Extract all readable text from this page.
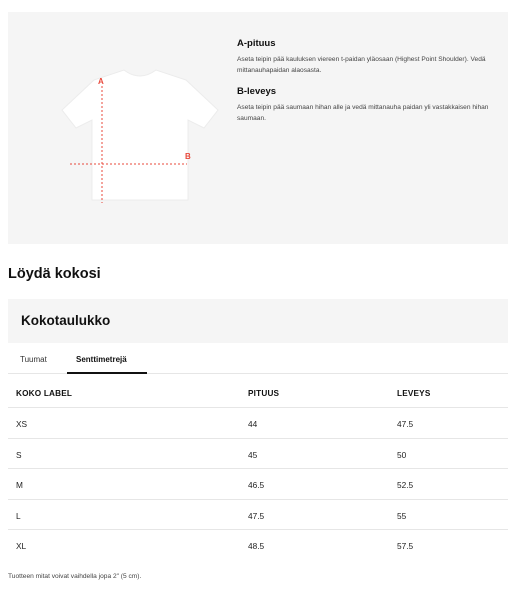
A
B
A-pituus
Aseta teipin pää kauluksen viereen t-paidan yläosaan (Highest Point Shoulder). Vedä mittanauhapaidan alaosasta.
B-leveys
Aseta teipin pää saumaan hihan alle ja vedä mittanauha paidan yli vastakkaisen hihan saumaan.
Löydä kokosi
Kokotaulukko
Tuumat	Senttimetrejä
KOKO LABEL	PITUUS	LEVEYS
XS	44	47.5
S	45	50
M	46.5	52.5
L	47.5	55
XL	48.5	57.5
Tuotteen mitat voivat vaihdella jopa 2" (5 cm).
